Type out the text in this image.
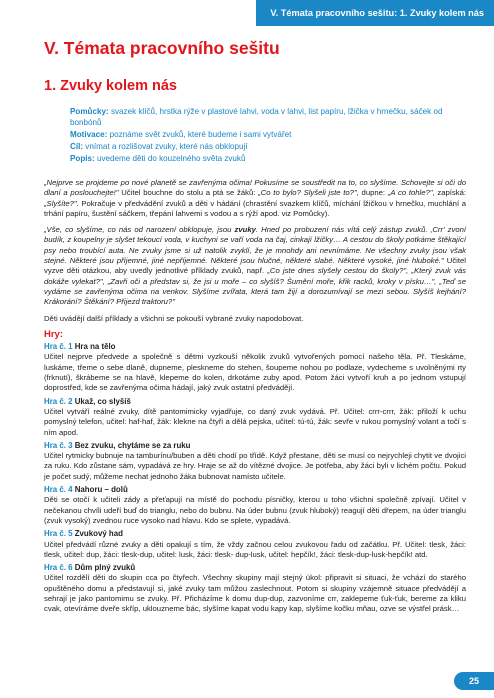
V. Témata pracovního sešitu: 1. Zvuky kolem nás
V. Témata pracovního sešitu
1. Zvuky kolem nás
Pomůcky: svazek klíčů, hrstka rýže v plastové lahvi, voda v lahvi, list papíru, lžička v hrnečku, sáček od bonbónů
Motivace: poznáme svět zvuků, které budeme i sami vytvářet
Cíl: vnímat a rozlišovat zvuky, které nás obklopují
Popis: uvedeme děti do kouzelného světa zvuků

„Nejprve se projdeme po nové planetě se zavřenýma očima! Pokusíme se soustředit na to, co slyšíme. Schovejte si oči do dlaní a poslouchejte!" Učitel bouchne do stolu a ptá se žáků: „Co to bylo? Slyšeli jste to?", dupne: „A co tohle?", zapíská: „Slyšíte?". Pokračuje v předvádění zvuků a děti v hádání (chrastění svazkem klíčů, míchání lžičkou v hrnečku, muchlání a trhání papíru, šustění sáčkem, třepání lahvemi s vodou a s rýží apod. viz Pomůcky).

„Vše, co slyšíme, co nás od narození obklopuje, jsou zvuky. Hned po probuzení nás vítá celý zástup zvuků. ‚Crr' zvoní budík, z koupelny je slyšet tekoucí voda, v kuchyni se vaří voda na čaj, cinkají lžičky… A cestou do školy potkáme štěkající psy nebo troubící auta. Ne zvuky jsme si už natolik zvyklí, že je mnohdy ani nevnímáme. Ne všechny zvuky jsou však stejné. Některé jsou příjemné, jiné nepříjemné. Některé jsou hlučné, některé slabé. Některé vysoké, jiné hluboké." Učitel vyzve děti otázkou, aby uvedly jednotlivé příklady zvuků, např. „Co jste dnes slyšely cestou do školy?", „Který zvuk vás dokáže vylekat?", „Zavři oči a představ si, že jsi u moře – co slyšíš? Šumění moře, křik racků, kroky v písku…", „Teď se vydáme se zavřenýma očima na venkov. Slyšíme zvířata, která tam žijí a dorozumívají se mezi sebou. Slyšíš kejhání? Krákorání? Štěkání? Přijezd traktoru?"

Děti uvádějí další příklady a všichni se pokouší vybrané zvuky napodobovat.

Hry:
Hra č. 1 Hra na tělo

Učitel nejprve předvede a společně s dětmi vyzkouší několik zvuků vytvořených pomocí našeho těla. Př. Tleskáme, luskáme, třeme o sebe dlaně, dupneme, pleskneme do stehen, šoupeme nohou po podlaze, vydecheme s uvolněnými rty (frknutí), škrábeme se na hlavě, klepeme do kolen, drkotáme zuby apod. Potom žáci vytvoří kruh a po jednom vstupují doprostřed, kde se zavřenýma očima hádají, jaký zvuk ostatní předvádějí.

Hra č. 2 Ukaž, co slyšíš

Učitel vytváří reálné zvuky, dítě pantomimicky vyjadřuje, co daný zvuk vydává. Př. Učitel: crrr-crrr, žák: přiloží k uchu pomyslný telefon, učitel: haf-haf, žák: klekne na čtyři a dělá pejska, učitel: tú-tú, žák: sevře v rukou pomyslný volant a točí s ním apod.

Hra č. 3 Bez zvuku, chytáme se za ruku

Učitel rytmicky bubnuje na tamburínu/buben a děti chodí po třídě. Když přestane, děti se musí co nejrychleji chytit ve dvojici za ruku. Kdo zůstane sám, vypadává ze hry. Hraje se až do vítězné dvojice. Je potřeba, aby žáci byli v lichém počtu. Pokud je počet sudý, můžeme nechat jednoho žáka bubnovat namísto učitele.

Hra č. 4 Nahoru – dolů

Děti se otočí k učiteli zády a přeťapují na místě do pochodu písničky, kterou u toho všichni společně zpívají. Učitel v nečekanou chvíli udeří buď do trianglu, nebo do bubnu. Na úder bubnu (zvuk hluboký) reagují děti dřepem, na úder trianglu (zvuk vysoký) zvednou ruce vysoko nad hlavu. Kdo se splete, vypadává.

Hra č. 5 Zvukový had

Učitel předvádí různé zvuky a děti opakují s tím, že vždy začnou celou zvukovou řadu od začátku. Př. Učitel: tlesk, žáci: tlesk, učitel: dup, žáci: tlesk-dup, učitel: lusk, žáci: tlesk- dup-lusk, učitel: hepčík!, žáci: tlesk-dup-lusk-hepčík! atd.

Hra č. 6 Dům plný zvuků

Učitel rozdělí děti do skupin cca po čtyřech. Všechny skupiny mají stejný úkol: připravit si situaci, že vchází do starého opuštěného domu a představují si, jaké zvuky tam můžou zaslechnout. Potom si skupiny vzájemně situace předvádějí a sehrají je jako pantomimu se zvuky. Př. Přicházíme k domu dup-dup, zazvoníme crr, zaklepeme ťuk-ťuk, bereme za kliku cvak, otevíráme dveře skříp, uklouzneme bác, slyšíme kapat vodu kapy kap, slyšíme kočku mňau, ozve se výstřel prásk…

25
